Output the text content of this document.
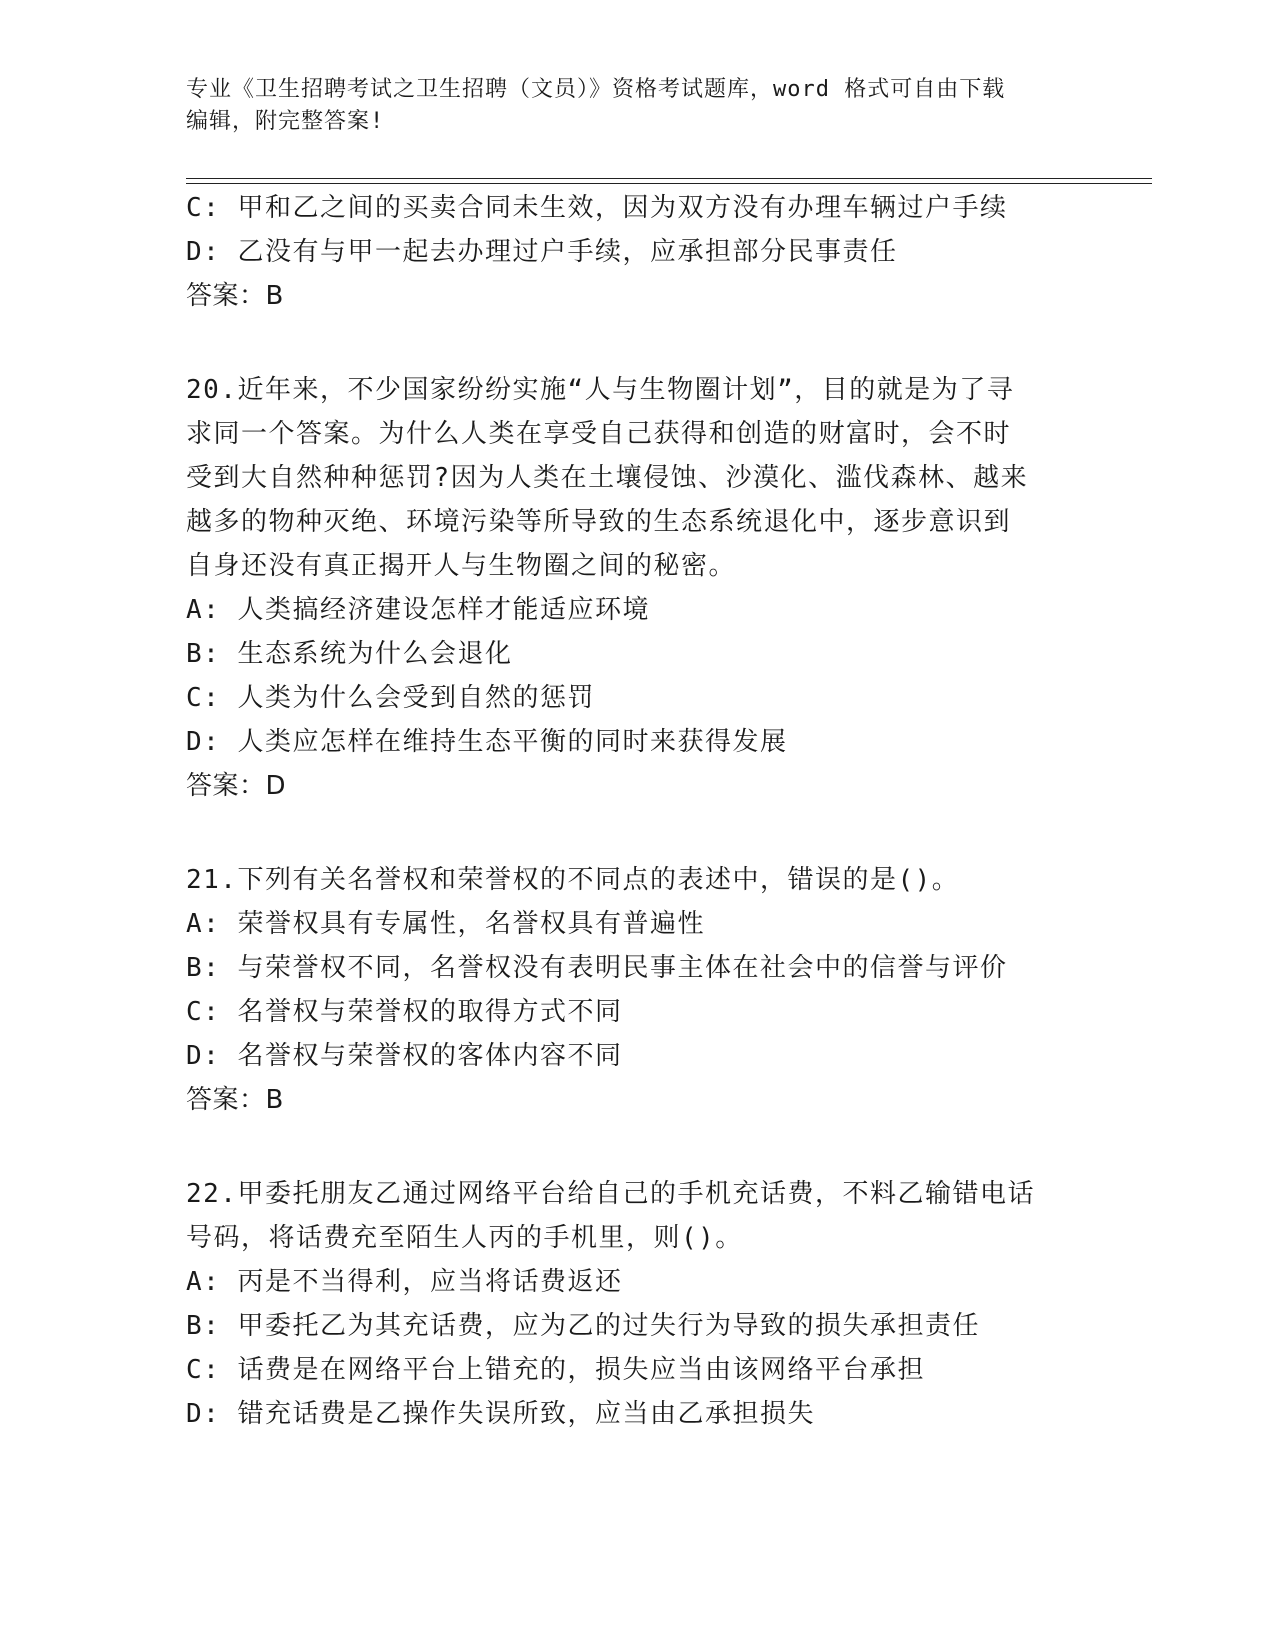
专业《卫生招聘考试之卫生招聘（文员）》资格考试题库，word 格式可自由下载
编辑，附完整答案!
C: 甲和乙之间的买卖合同未生效，因为双方没有办理车辆过户手续
D: 乙没有与甲一起去办理过户手续，应承担部分民事责任
答案：B
20.近年来，不少国家纷纷实施“人与生物圈计划”，目的就是为了寻
求同一个答案。为什么人类在享受自己获得和创造的财富时，会不时
受到大自然种种惩罚?因为人类在土壤侵蚀、沙漠化、滥伐森林、越来
越多的物种灭绝、环境污染等所导致的生态系统退化中，逐步意识到
自身还没有真正揭开人与生物圈之间的秘密。
A: 人类搞经济建设怎样才能适应环境
B: 生态系统为什么会退化
C: 人类为什么会受到自然的惩罚
D: 人类应怎样在维持生态平衡的同时来获得发展
答案：D
21.下列有关名誉权和荣誉权的不同点的表述中，错误的是()。
A: 荣誉权具有专属性，名誉权具有普遍性
B: 与荣誉权不同，名誉权没有表明民事主体在社会中的信誉与评价
C: 名誉权与荣誉权的取得方式不同
D: 名誉权与荣誉权的客体内容不同
答案：B
22.甲委托朋友乙通过网络平台给自己的手机充话费，不料乙输错电话
号码，将话费充至陌生人丙的手机里，则()。
A: 丙是不当得利，应当将话费返还
B: 甲委托乙为其充话费，应为乙的过失行为导致的损失承担责任
C: 话费是在网络平台上错充的，损失应当由该网络平台承担
D: 错充话费是乙操作失误所致，应当由乙承担损失
